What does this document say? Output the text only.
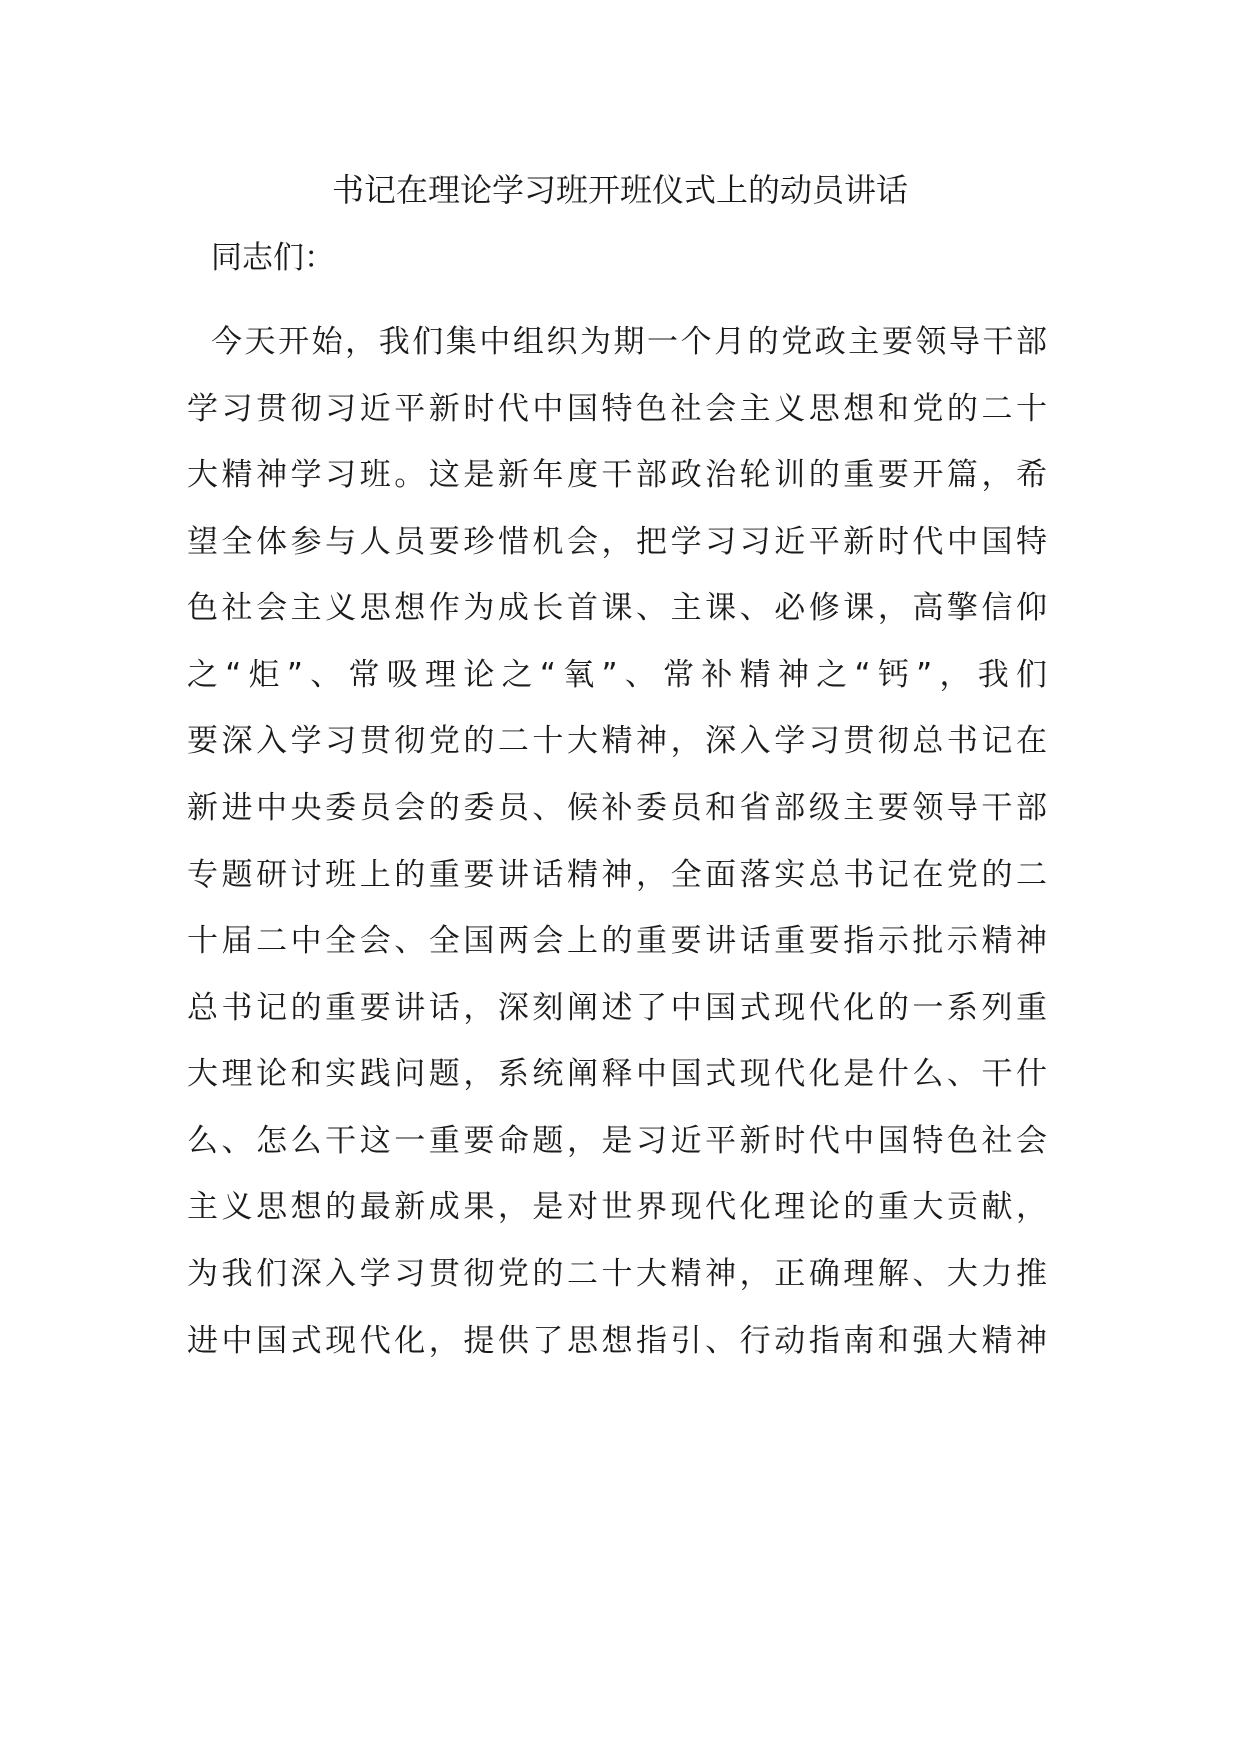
书记在理论学习班开班仪式上的动员讲话
同志们：
今天开始，我们集中组织为期一个月的党政主要领导干部
学习贯彻习近平新时代中国特色社会主义思想和党的二十
大精神学习班。这是新年度干部政治轮训的重要开篇，希
望全体参与人员要珍惜机会，把学习习近平新时代中国特
色社会主义思想作为成长首课、主课、必修课，高擎信仰
之“炬”、常吸理论之“氧”、常补精神之“钙”，我们
要深入学习贯彻党的二十大精神，深入学习贯彻总书记在
新进中央委员会的委员、候补委员和省部级主要领导干部
专题研讨班上的重要讲话精神，全面落实总书记在党的二
十届二中全会、全国两会上的重要讲话重要指示批示精神
总书记的重要讲话，深刻阐述了中国式现代化的一系列重
大理论和实践问题，系统阐释中国式现代化是什么、干什
么、怎么干这一重要命题，是习近平新时代中国特色社会
主义思想的最新成果，是对世界现代化理论的重大贡献，
为我们深入学习贯彻党的二十大精神，正确理解、大力推
进中国式现代化，提供了思想指引、行动指南和强大精神
